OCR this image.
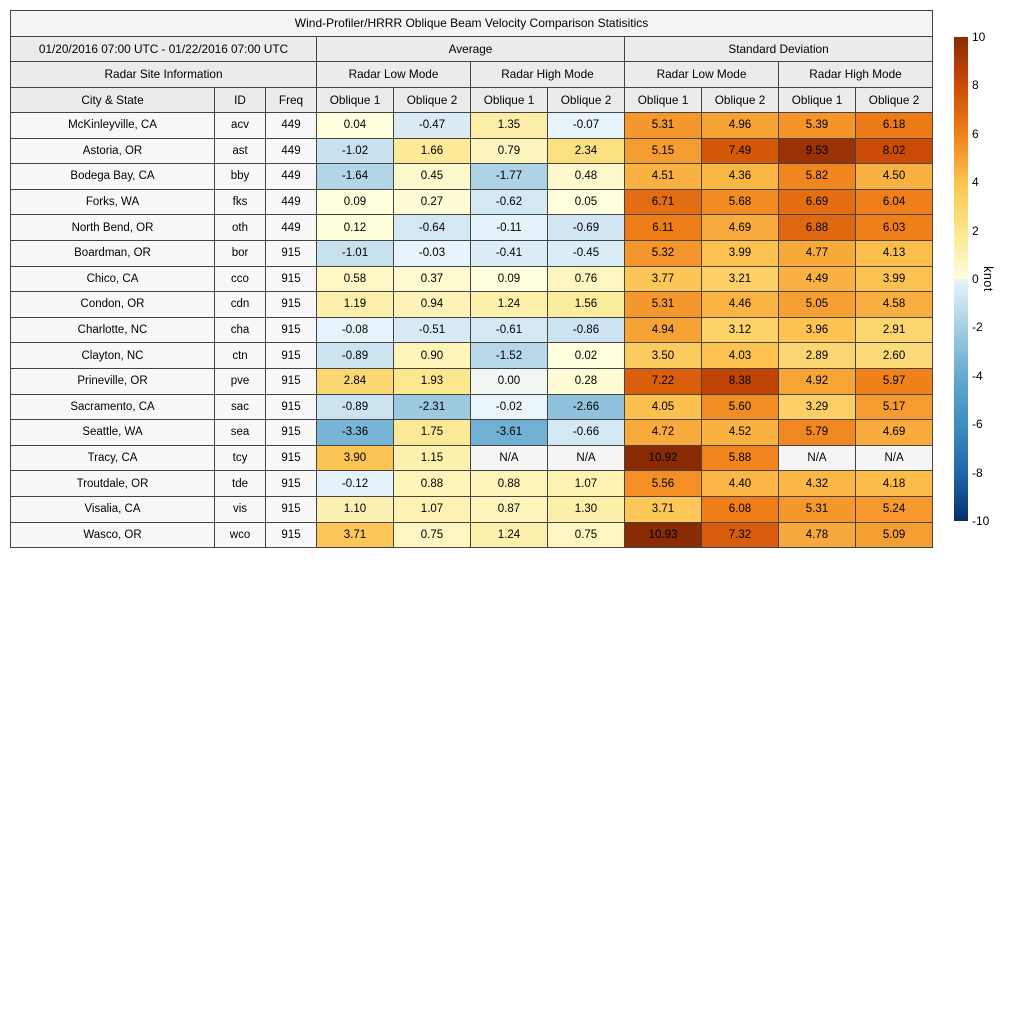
Wind-Profiler/HRRR Oblique Beam Velocity Comparison Statisitics										
01/20/2016 07:00 UTC - 01/22/2016 07:00 UTC			Average				Standard Deviation			
Radar Site Information			Radar Low Mode		Radar High Mode		Radar Low Mode		Radar High Mode	
City & State	ID	Freq	Oblique 1	Oblique 2	Oblique 1	Oblique 2	Oblique 1	Oblique 2	Oblique 1	Oblique 2
McKinleyville, CA	acv	449	0.04	-0.47	1.35	-0.07	5.31	4.96	5.39	6.18
Astoria, OR	ast	449	-1.02	1.66	0.79	2.34	5.15	7.49	9.53	8.02
Bodega Bay, CA	bby	449	-1.64	0.45	-1.77	0.48	4.51	4.36	5.82	4.50
Forks, WA	fks	449	0.09	0.27	-0.62	0.05	6.71	5.68	6.69	6.04
North Bend, OR	oth	449	0.12	-0.64	-0.11	-0.69	6.11	4.69	6.88	6.03
Boardman, OR	bor	915	-1.01	-0.03	-0.41	-0.45	5.32	3.99	4.77	4.13
Chico, CA	cco	915	0.58	0.37	0.09	0.76	3.77	3.21	4.49	3.99
Condon, OR	cdn	915	1.19	0.94	1.24	1.56	5.31	4.46	5.05	4.58
Charlotte, NC	cha	915	-0.08	-0.51	-0.61	-0.86	4.94	3.12	3.96	2.91
Clayton, NC	ctn	915	-0.89	0.90	-1.52	0.02	3.50	4.03	2.89	2.60
Prineville, OR	pve	915	2.84	1.93	0.00	0.28	7.22	8.38	4.92	5.97
Sacramento, CA	sac	915	-0.89	-2.31	-0.02	-2.66	4.05	5.60	3.29	5.17
Seattle, WA	sea	915	-3.36	1.75	-3.61	-0.66	4.72	4.52	5.79	4.69
Tracy, CA	tcy	915	3.90	1.15	N/A	N/A	10.92	5.88	N/A	N/A
Troutdale, OR	tde	915	-0.12	0.88	0.88	1.07	5.56	4.40	4.32	4.18
Visalia, CA	vis	915	1.10	1.07	0.87	1.30	3.71	6.08	5.31	5.24
Wasco, OR	wco	915	3.71	0.75	1.24	0.75	10.93	7.32	4.78	5.09
10
8
6
4
2
0
-2
-4
-6
-8
-10
knot
